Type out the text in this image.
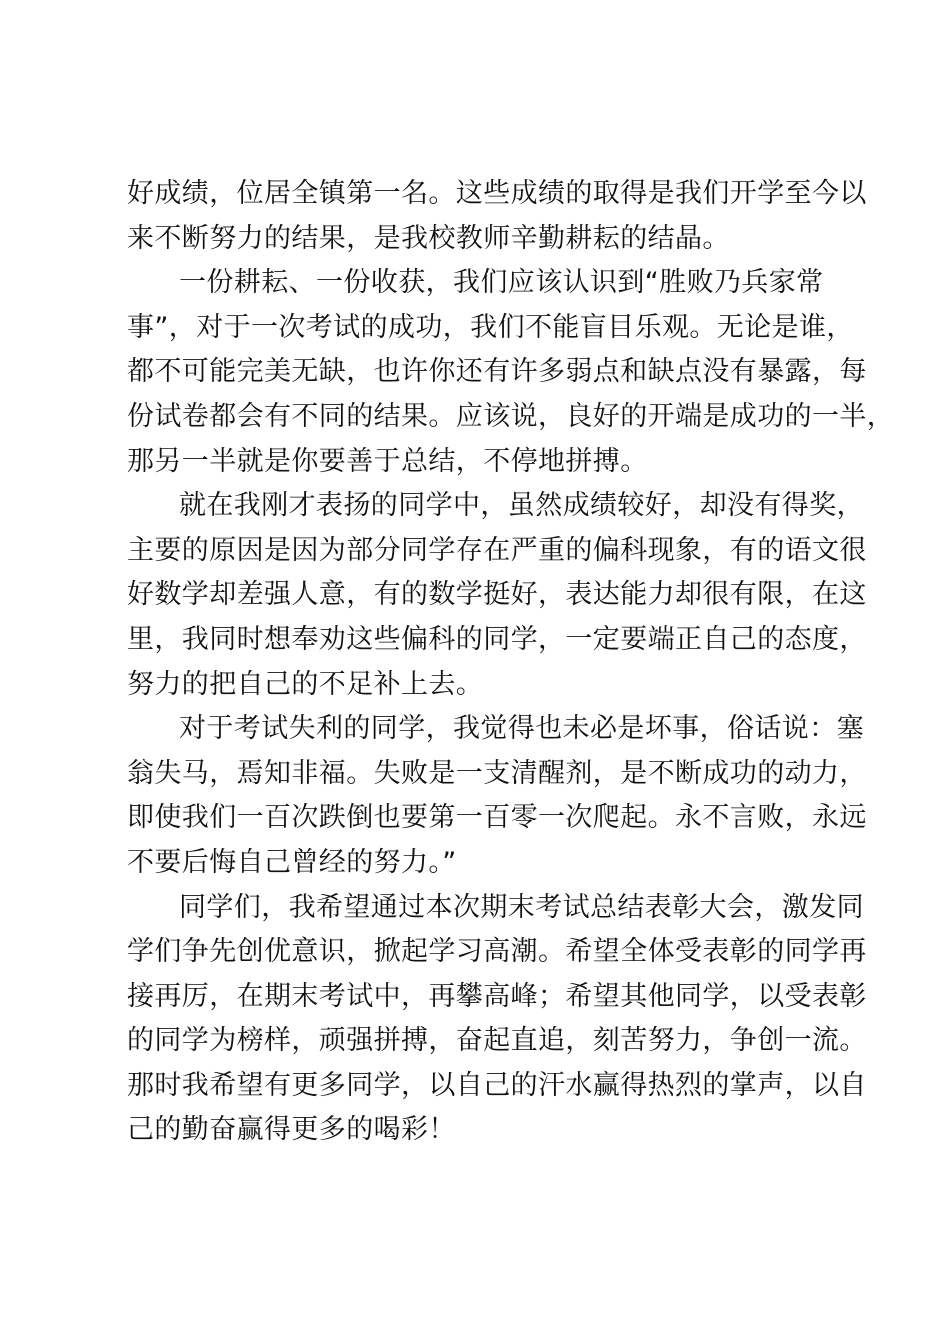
好成绩，位居全镇第一名。这些成绩的取得是我们开学至今以
来不断努力的结果，是我校教师辛勤耕耘的结晶。
一份耕耘、一份收获，我们应该认识到“胜败乃兵家常
事”，对于一次考试的成功，我们不能盲目乐观。无论是谁，
都不可能完美无缺，也许你还有许多弱点和缺点没有暴露，每
份试卷都会有不同的结果。应该说，良好的开端是成功的一半，
那另一半就是你要善于总结，不停地拼搏。
就在我刚才表扬的同学中，虽然成绩较好，却没有得奖，
主要的原因是因为部分同学存在严重的偏科现象，有的语文很
好数学却差强人意，有的数学挺好，表达能力却很有限，在这
里，我同时想奉劝这些偏科的同学，一定要端正自己的态度，
努力的把自己的不足补上去。
对于考试失利的同学，我觉得也未必是坏事，俗话说：塞
翁失马，焉知非福。失败是一支清醒剂，是不断成功的动力，
即使我们一百次跌倒也要第一百零一次爬起。永不言败，永远
不要后悔自己曾经的努力。”
同学们，我希望通过本次期末考试总结表彰大会，激发同
学们争先创优意识，掀起学习高潮。希望全体受表彰的同学再
接再厉，在期末考试中，再攀高峰；希望其他同学，以受表彰
的同学为榜样，顽强拼搏，奋起直追，刻苦努力，争创一流。
那时我希望有更多同学，以自己的汗水赢得热烈的掌声，以自
己的勤奋赢得更多的喝彩！
